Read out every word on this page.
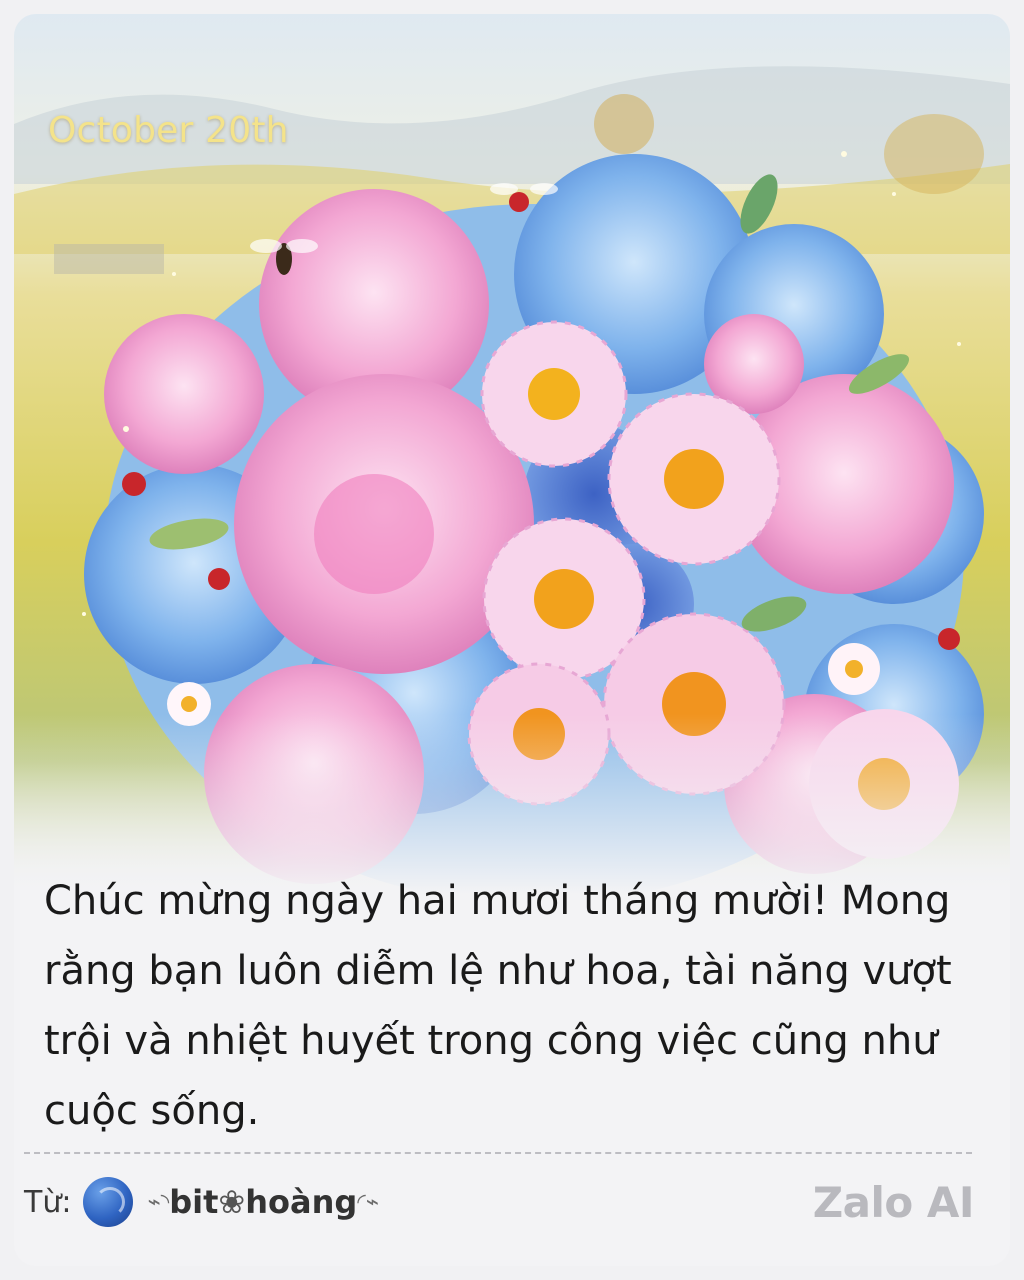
October 20th

Chúc mừng ngày hai mươi tháng mười! Mong rằng bạn luôn diễm lệ như hoa, tài năng vượt trội và nhiệt huyết trong công việc cũng như cuộc sống.

Từ:	⌁◝ bit❀hoàng ◜⌁	Zalo AI
